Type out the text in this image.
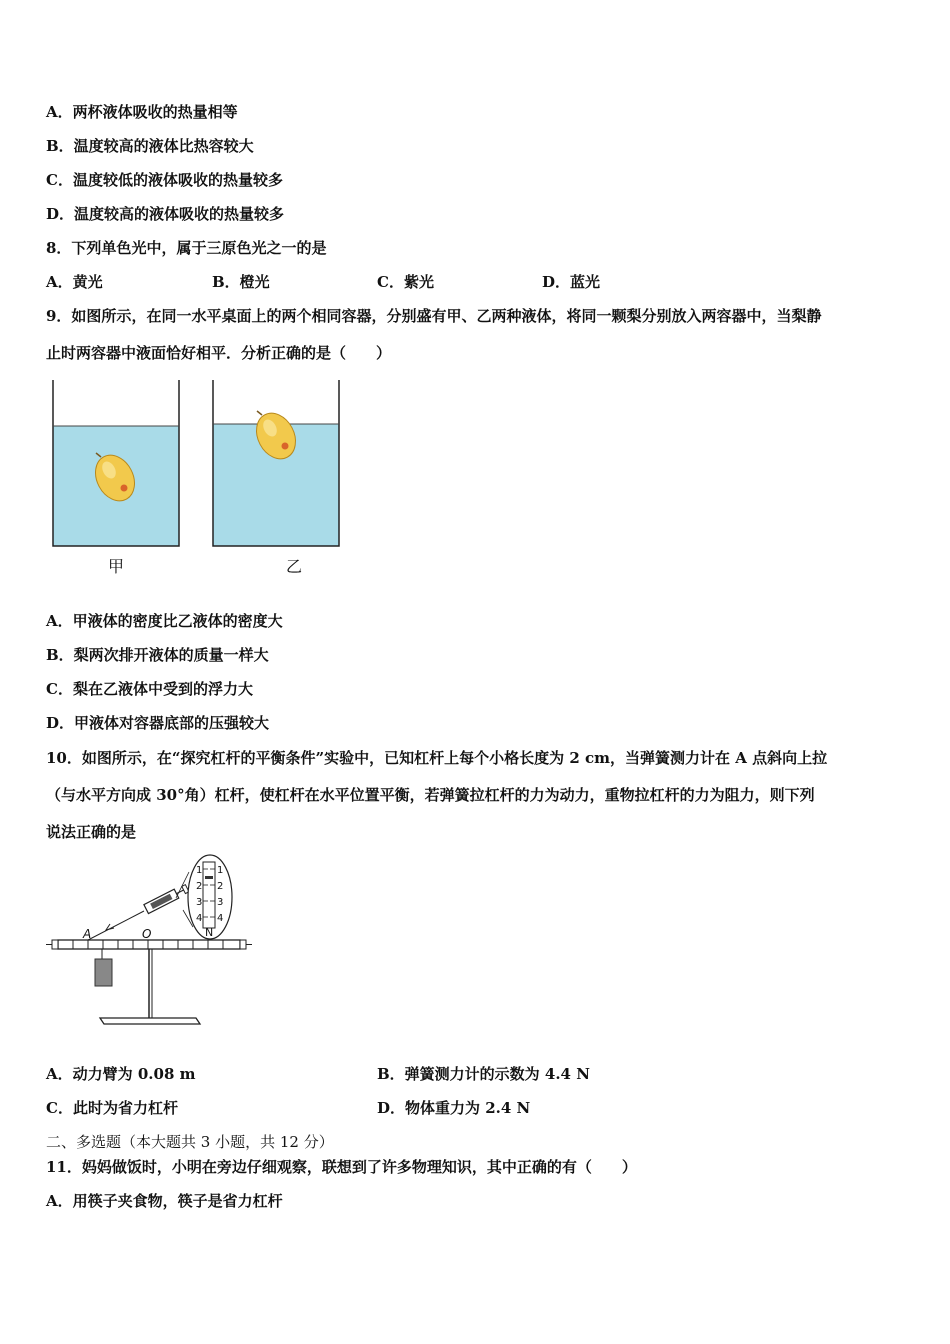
A．两杯液体吸收的热量相等
B．温度较高的液体比热容较大
C．温度较低的液体吸收的热量较多
D．温度较高的液体吸收的热量较多
8．下列单色光中，属于三原色光之一的是
A．黄光	B．橙光	C．紫光	D．蓝光
9．如图所示，在同一水平桌面上的两个相同容器，分别盛有甲、乙两种液体，将同一颗梨分别放入两容器中，当梨静
止时两容器中液面恰好相平．分析正确的是（　　）
甲	乙
A．甲液体的密度比乙液体的密度大
B．梨两次排开液体的质量一样大
C．梨在乙液体中受到的浮力大
D．甲液体对容器底部的压强较大
10．如图所示，在“探究杠杆的平衡条件”实验中，已知杠杆上每个小格长度为 2 cm，当弹簧测力计在 A 点斜向上拉
（与水平方向成 30°角）杠杆，使杠杆在水平位置平衡，若弹簧拉杠杆的力为动力，重物拉杠杆的力为阻力，则下列
说法正确的是
A	O
1
2
3
4
1
2
3
4
N
A．动力臂为 0.08 m	B．弹簧测力计的示数为 4.4 N
C．此时为省力杠杆	D．物体重力为 2.4 N
二、多选题（本大题共 3 小题，共 12 分）
11．妈妈做饭时，小明在旁边仔细观察，联想到了许多物理知识，其中正确的有（　　）
A．用筷子夹食物，筷子是省力杠杆
